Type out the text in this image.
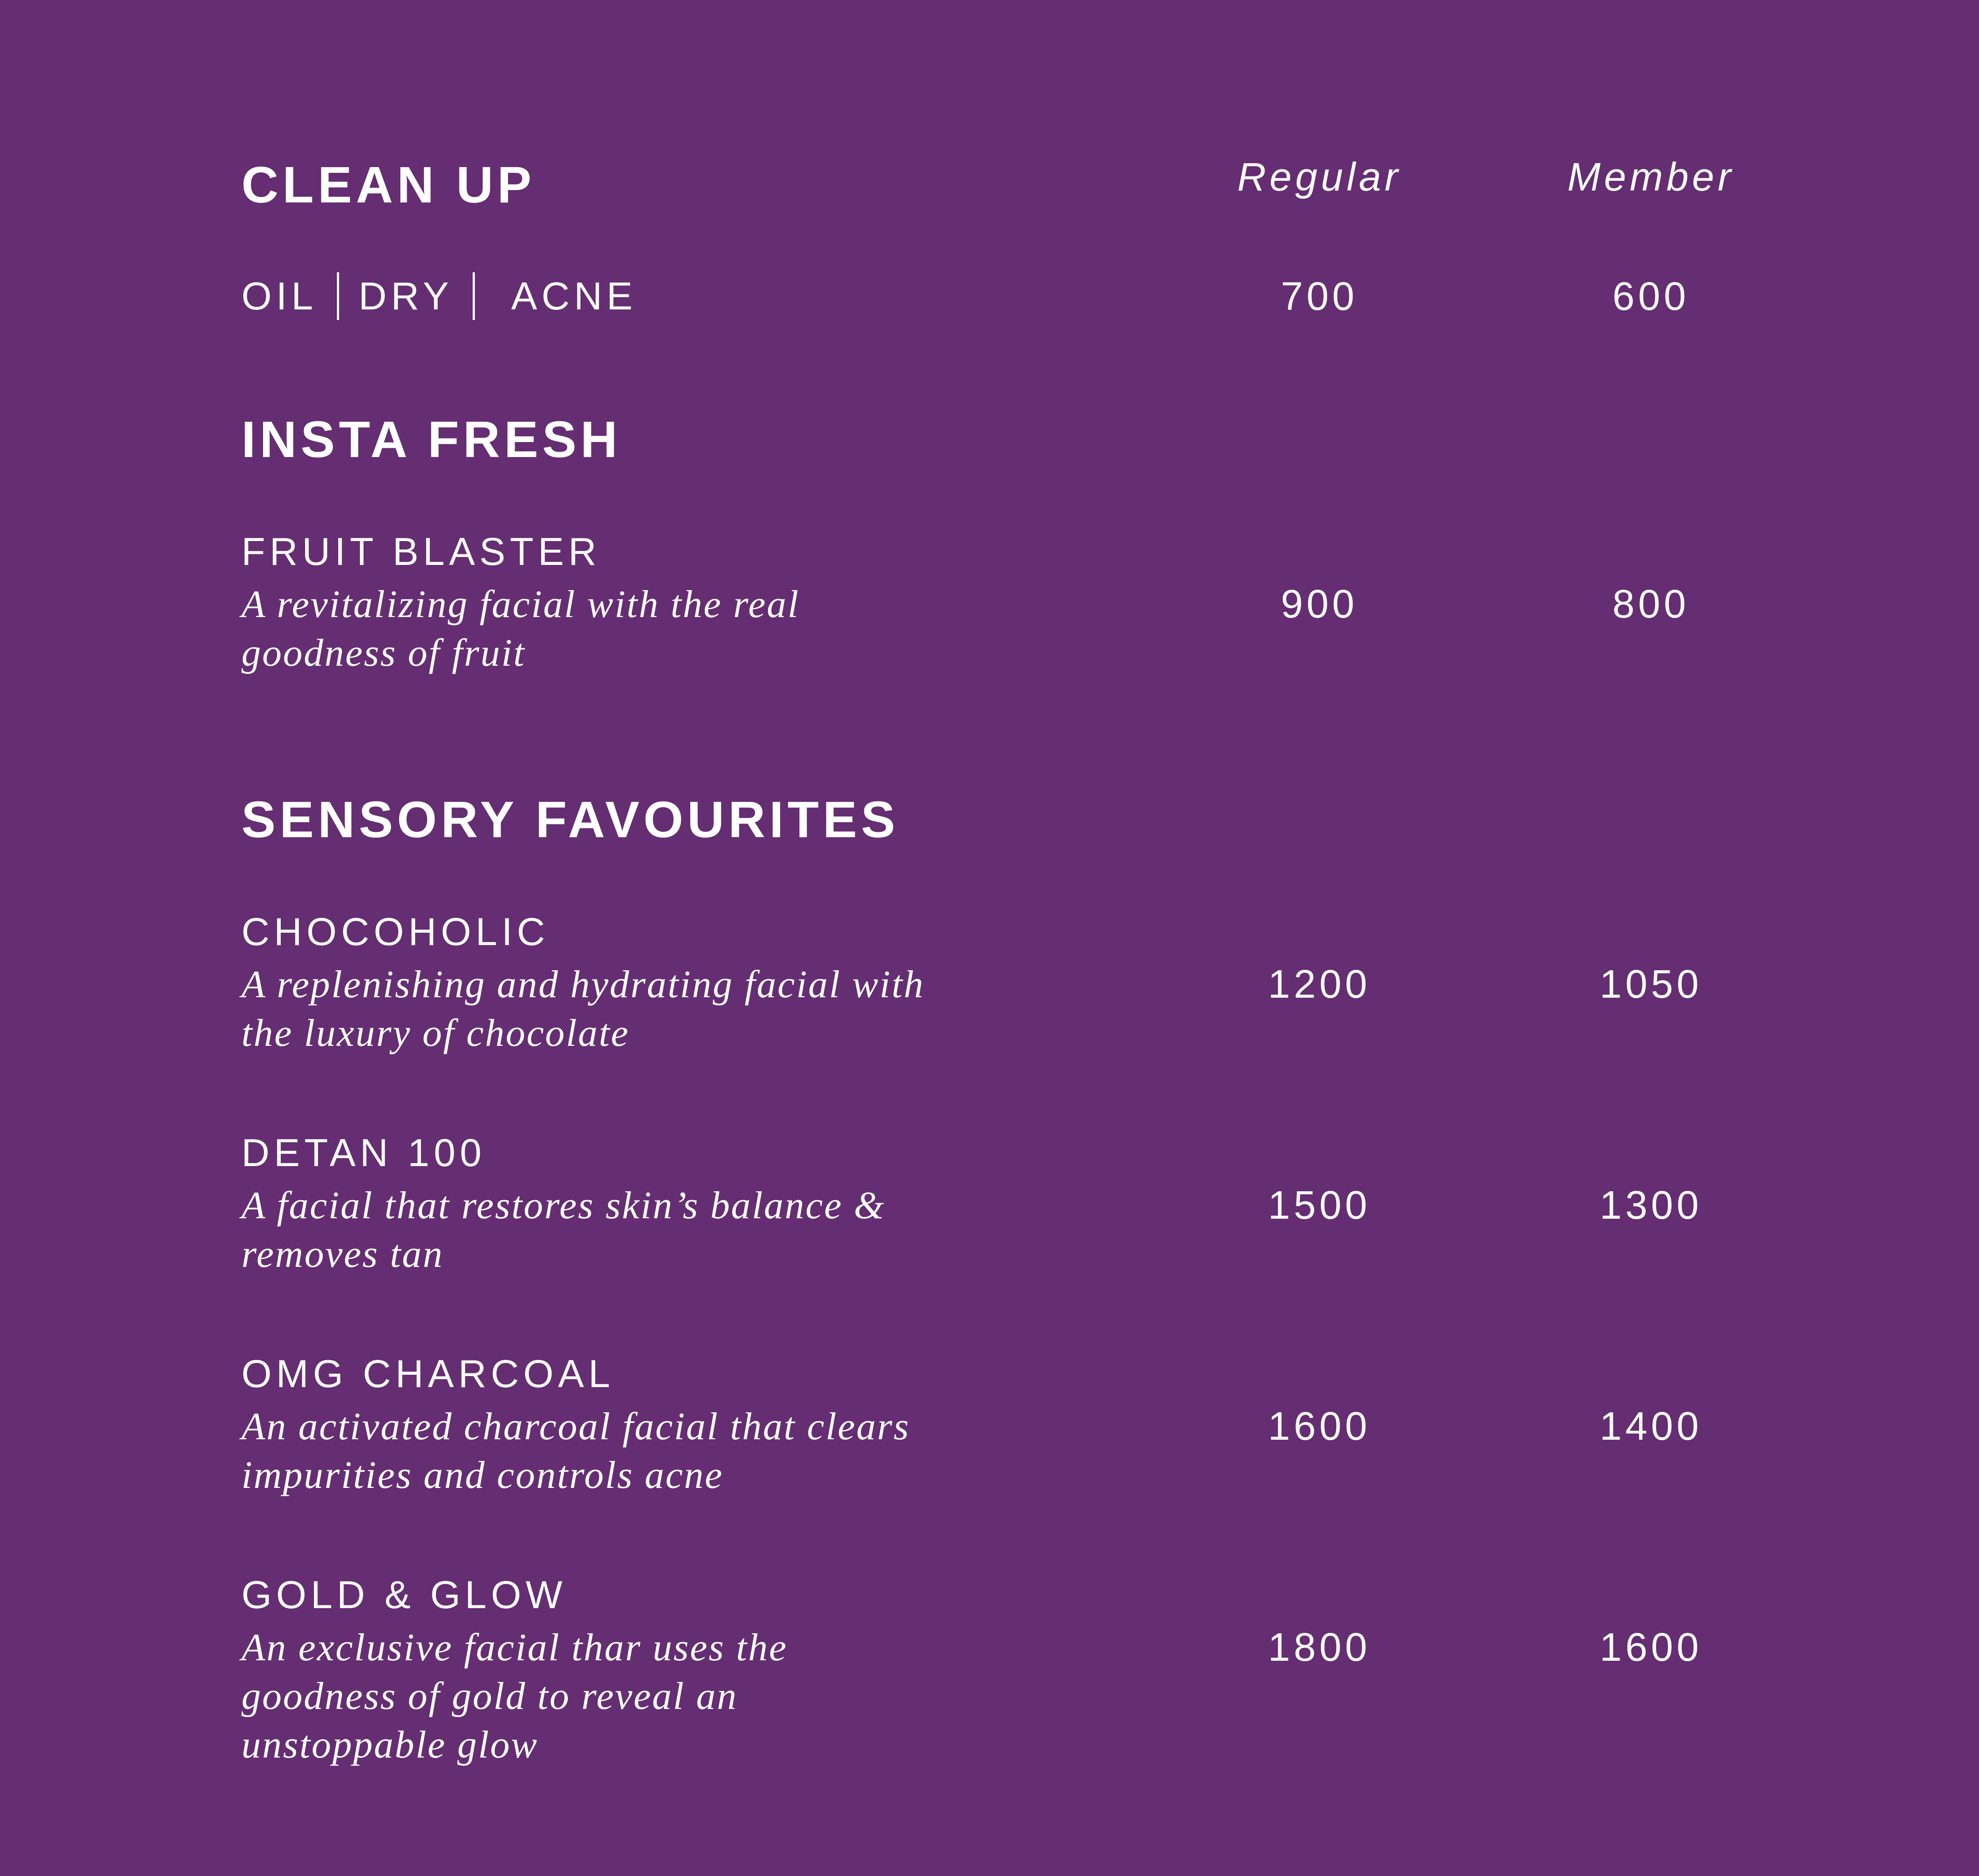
Regular	Member
CLEAN UP
OIL DRY ACNE	700	600
INSTA FRESH
FRUIT BLASTER
A revitalizing facial with the real goodness of fruit
900	800
SENSORY FAVOURITES
CHOCOHOLIC
A replenishing and hydrating facial with the luxury of chocolate
1200	1050
DETAN 100
A facial that restores skin’s balance & removes tan
1500	1300
OMG CHARCOAL
An activated charcoal facial that clears impurities and controls acne
1600	1400
GOLD & GLOW
An exclusive facial thar uses the goodness of gold to reveal an unstoppable glow
1800	1600
